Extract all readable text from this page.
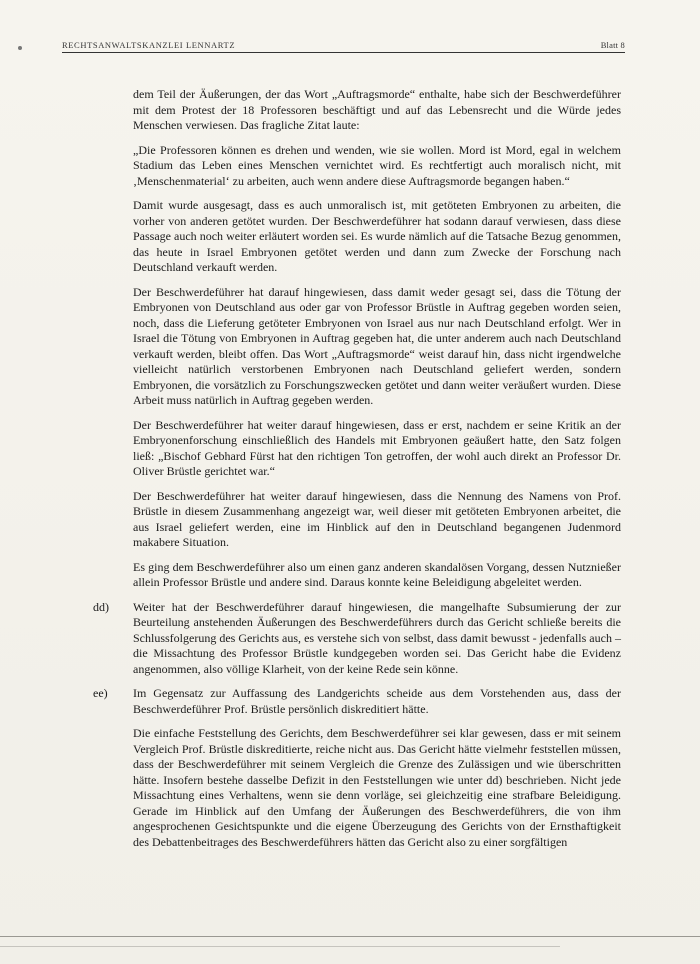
RECHTSANWALTSKANZLEI LENNARTZ	Blatt 8

dem Teil der Äußerungen, der das Wort „Auftragsmorde“ enthalte, habe sich der Beschwerdeführer mit dem Protest der 18 Professoren beschäftigt und auf das Lebensrecht und die Würde jedes Menschen verwiesen. Das fragliche Zitat laute:

„Die Professoren können es drehen und wenden, wie sie wollen. Mord ist Mord, egal in welchem Stadium das Leben eines Menschen vernichtet wird. Es rechtfertigt auch moralisch nicht, mit ‚Menschenmaterial‘ zu arbeiten, auch wenn andere diese Auftragsmorde begangen haben.“

Damit wurde ausgesagt, dass es auch unmoralisch ist, mit getöteten Embryonen zu arbeiten, die vorher von anderen getötet wurden. Der Beschwerdeführer hat sodann darauf verwiesen, dass diese Passage auch noch weiter erläutert worden sei. Es wurde nämlich auf die Tatsache Bezug genommen, das heute in Israel Embryonen getötet werden und dann zum Zwecke der Forschung nach Deutschland verkauft werden.

Der Beschwerdeführer hat darauf hingewiesen, dass damit weder gesagt sei, dass die Tötung der Embryonen von Deutschland aus oder gar von Professor Brüstle in Auftrag gegeben worden seien, noch, dass die Lieferung getöteter Embryonen von Israel aus nur nach Deutschland erfolgt. Wer in Israel die Tötung von Embryonen in Auftrag gegeben hat, die unter anderem auch nach Deutschland verkauft werden, bleibt offen. Das Wort „Auftragsmorde“ weist darauf hin, dass nicht irgendwelche vielleicht natürlich verstorbenen Embryonen nach Deutschland geliefert werden, sondern Embryonen, die vorsätzlich zu Forschungszwecken getötet und dann weiter veräußert wurden. Diese Arbeit muss natürlich in Auftrag gegeben werden.

Der Beschwerdeführer hat weiter darauf hingewiesen, dass er erst, nachdem er seine Kritik an der Embryonenforschung einschließlich des Handels mit Embryonen geäußert hatte, den Satz folgen ließ: „Bischof Gebhard Fürst hat den richtigen Ton getroffen, der wohl auch direkt an Professor Dr. Oliver Brüstle gerichtet war.“

Der Beschwerdeführer hat weiter darauf hingewiesen, dass die Nennung des Namens von Prof. Brüstle in diesem Zusammenhang angezeigt war, weil dieser mit getöteten Embryonen arbeitet, die aus Israel geliefert werden, eine im Hinblick auf den in Deutschland begangenen Judenmord makabere Situation.

Es ging dem Beschwerdeführer also um einen ganz anderen skandalösen Vorgang, dessen Nutznießer allein Professor Brüstle und andere sind. Daraus konnte keine Beleidigung abgeleitet werden.

dd) Weiter hat der Beschwerdeführer darauf hingewiesen, die mangelhafte Subsumierung der zur Beurteilung anstehenden Äußerungen des Beschwerdeführers durch das Gericht schließe bereits die Schlussfolgerung des Gerichts aus, es verstehe sich von selbst, dass damit bewusst - jedenfalls auch – die Missachtung des Professor Brüstle kundgegeben worden sei. Das Gericht habe die Evidenz angenommen, also völlige Klarheit, von der keine Rede sein könne.
ee) Im Gegensatz zur Auffassung des Landgerichts scheide aus dem Vorstehenden aus, dass der Beschwerdeführer Prof. Brüstle persönlich diskreditiert hätte.

Die einfache Feststellung des Gerichts, dem Beschwerdeführer sei klar gewesen, dass er mit seinem Vergleich Prof. Brüstle diskreditierte, reiche nicht aus. Das Gericht hätte vielmehr feststellen müssen, dass der Beschwerdeführer mit seinem Vergleich die Grenze des Zulässigen und wie überschritten hätte. Insofern bestehe dasselbe Defizit in den Feststellungen wie unter dd) beschrieben. Nicht jede Missachtung eines Verhaltens, wenn sie denn vorläge, sei gleichzeitig eine strafbare Beleidigung. Gerade im Hinblick auf den Umfang der Äußerungen des Beschwerdeführers, die von ihm angesprochenen Gesichtspunkte und die eigene Überzeugung des Gerichts von der Ernsthaftigkeit des Debattenbeitrages des Beschwerdeführers hätten das Gericht also zu einer sorgfältigen
